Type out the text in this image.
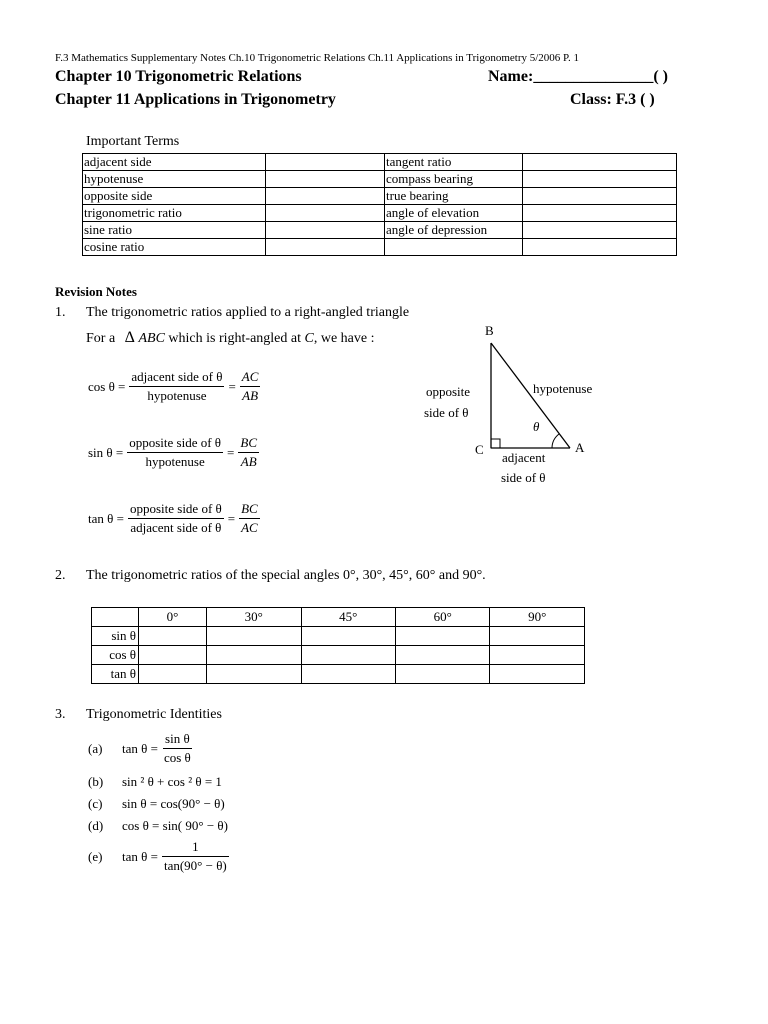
F.3 Mathematics Supplementary Notes Ch.10 Trigonometric Relations Ch.11 Applications in Trigonometry 5/2006 P. 1
Chapter 10 Trigonometric Relations
Chapter 11 Applications in Trigonometry
Name:_______________( )
Class: F.3 ( )
Important Terms
adjacent side		tangent ratio	
hypotenuse		compass bearing	
opposite side		true bearing	
trigonometric ratio		angle of elevation	
sine ratio		angle of depression	
cosine ratio			
Revision Notes
1. The trigonometric ratios applied to a right-angled triangle
For a Δ ABC which is right-angled at C, we have :
$\cos \theta = \frac{\text{adjacent side of θ}}{\text{hypotenuse}} = \frac{AC}{AB}$
$\sin \theta = \frac{\text{opposite side of θ}}{\text{hypotenuse}} = \frac{BC}{AB}$
$\tan \theta = \frac{\text{opposite side of θ}}{\text{adjacent side of θ}} = \frac{BC}{AC}$
B
C	A
θ
hypotenuse
opposite
side of θ
adjacent
side of θ
2. The trigonometric ratios of the special angles 0°, 30°, 45°, 60° and 90°.
	0°	30°	45°	60°	90°
sin θ					
cos θ					
tan θ					
3. Trigonometric Identities
(a)	$\tan \theta = \frac{\text{sin θ}}{\text{cos θ}}$
(b)	sin ² θ + cos ² θ = 1
(c)	sin θ = cos(90° − θ)
(d)	cos θ = sin( 90° − θ)
(e)	$\tan \theta = \frac{1}{\tan(90^\circ - \theta)}$
